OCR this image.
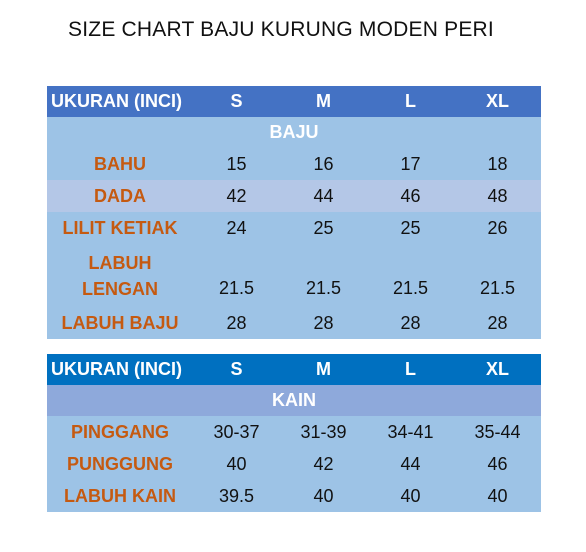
SIZE CHART BAJU KURUNG MODEN PERI
UKURAN (INCI)	S	M	L	XL
BAJU				
BAHU	15	16	17	18
DADA	42	44	46	48
LILIT KETIAK	24	25	25	26
LABUH
LENGAN	21.5	21.5	21.5	21.5
LABUH BAJU	28	28	28	28
UKURAN (INCI)	S	M	L	XL
KAIN				
PINGGANG	30-37	31-39	34-41	35-44
PUNGGUNG	40	42	44	46
LABUH KAIN	39.5	40	40	40
